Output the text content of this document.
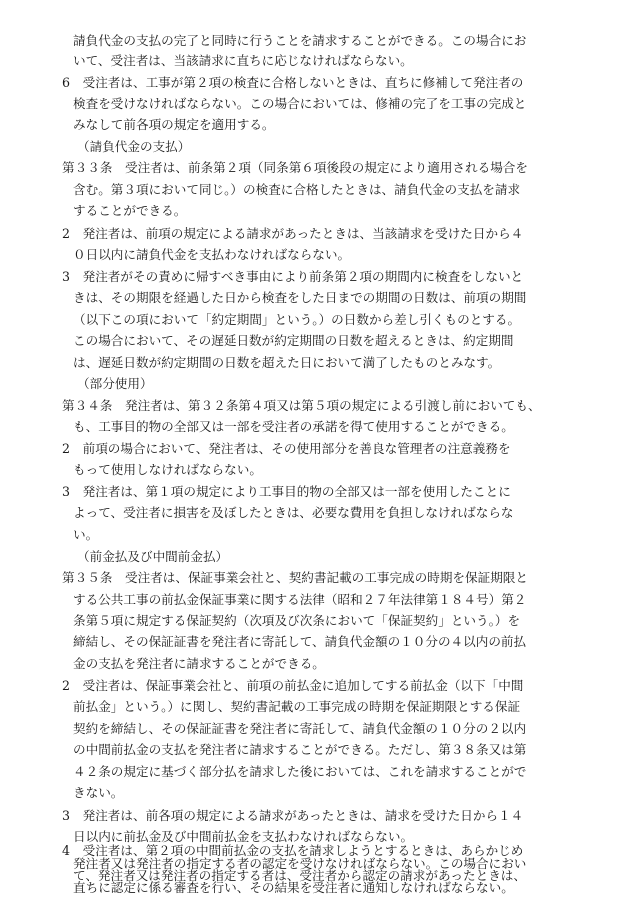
請負代金の支払の完了と同時に行うことを請求することができる。この場合にお

いて、受注者は、当該請求に直ちに応じなければならない。

6　受注者は、工事が第２項の検査に合格しないときは、直ちに修補して発注者の

検査を受けなければならない。この場合においては、修補の完了を工事の完成と

みなして前各項の規定を適用する。

（請負代金の支払）

第３３条　受注者は、前条第２項（同条第６項後段の規定により適用される場合を

含む。第３項において同じ。）の検査に合格したときは、請負代金の支払を請求

することができる。

2　発注者は、前項の規定による請求があったときは、当該請求を受けた日から４

０日以内に請負代金を支払わなければならない。

3　発注者がその責めに帰すべき事由により前条第２項の期間内に検査をしないと

きは、その期限を経過した日から検査をした日までの期間の日数は、前項の期間

（以下この項において「約定期間」という。）の日数から差し引くものとする。

この場合において、その遅延日数が約定期間の日数を超えるときは、約定期間

は、遅延日数が約定期間の日数を超えた日において満了したものとみなす。

（部分使用）

第３４条　発注者は、第３２条第４項又は第５項の規定による引渡し前においても、

も、工事目的物の全部又は一部を受注者の承諾を得て使用することができる。

2　前項の場合において、発注者は、その使用部分を善良な管理者の注意義務を

もって使用しなければならない。

3　発注者は、第１項の規定により工事目的物の全部又は一部を使用したことに

よって、受注者に損害を及ぼしたときは、必要な費用を負担しなければならな

い。

（前金払及び中間前金払）

第３５条　受注者は、保証事業会社と、契約書記載の工事完成の時期を保証期限と

する公共工事の前払金保証事業に関する法律（昭和２７年法律第１８４号）第２

条第５項に規定する保証契約（次項及び次条において「保証契約」という。）を

締結し、その保証証書を発注者に寄託して、請負代金額の１０分の４以内の前払

金の支払を発注者に請求することができる。

2　受注者は、保証事業会社と、前項の前払金に追加してする前払金（以下「中間

前払金」という。）に関し、契約書記載の工事完成の時期を保証期限とする保証

契約を締結し、その保証証書を発注者に寄託して、請負代金額の１０分の２以内

の中間前払金の支払を発注者に請求することができる。ただし、第３８条又は第

４２条の規定に基づく部分払を請求した後においては、これを請求することがで

きない。

3　発注者は、前各項の規定による請求があったときは、請求を受けた日から１４

日以内に前払金及び中間前払金を支払わなければならない。

4　受注者は、第２項の中間前払金の支払を請求しようとするときは、あらかじめ

発注者又は発注者の指定する者の認定を受けなければならない。この場合におい

て、発注者又は発注者の指定する者は、受注者から認定の請求があったときは、

直ちに認定に係る審査を行い、その結果を受注者に通知しなければならない。
